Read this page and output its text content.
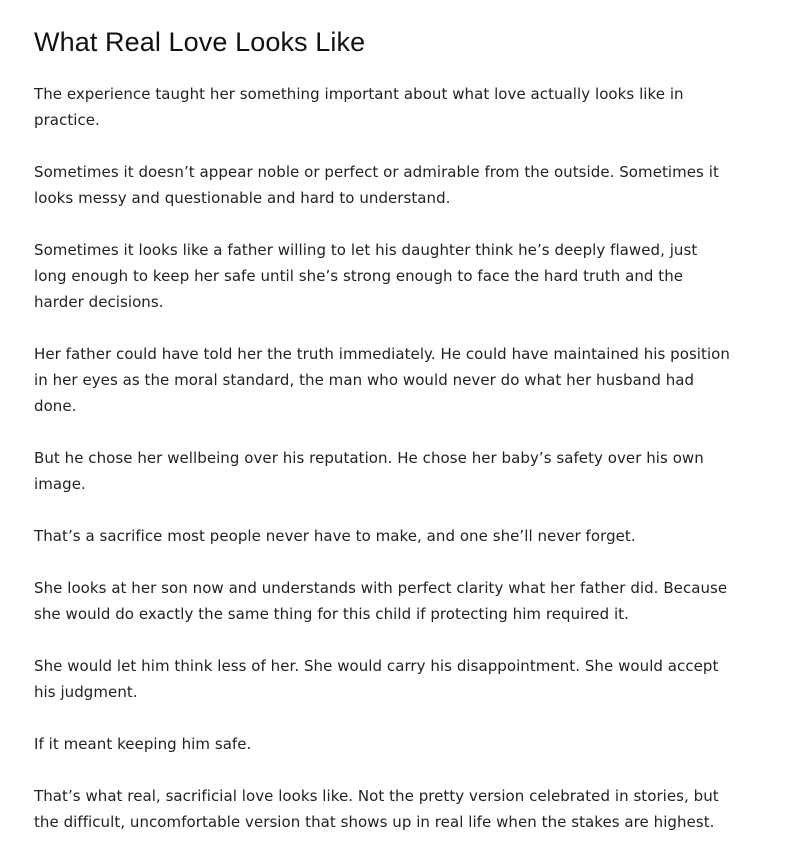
What Real Love Looks Like

The experience taught her something important about what love actually looks like in practice.

Sometimes it doesn’t appear noble or perfect or admirable from the outside. Sometimes it looks messy and questionable and hard to understand.

Sometimes it looks like a father willing to let his daughter think he’s deeply flawed, just long enough to keep her safe until she’s strong enough to face the hard truth and the harder decisions.

Her father could have told her the truth immediately. He could have maintained his position in her eyes as the moral standard, the man who would never do what her husband had done.

But he chose her wellbeing over his reputation. He chose her baby’s safety over his own image.

That’s a sacrifice most people never have to make, and one she’ll never forget.

She looks at her son now and understands with perfect clarity what her father did. Because she would do exactly the same thing for this child if protecting him required it.

She would let him think less of her. She would carry his disappointment. She would accept his judgment.

If it meant keeping him safe.

That’s what real, sacrificial love looks like. Not the pretty version celebrated in stories, but the difficult, uncomfortable version that shows up in real life when the stakes are highest.
